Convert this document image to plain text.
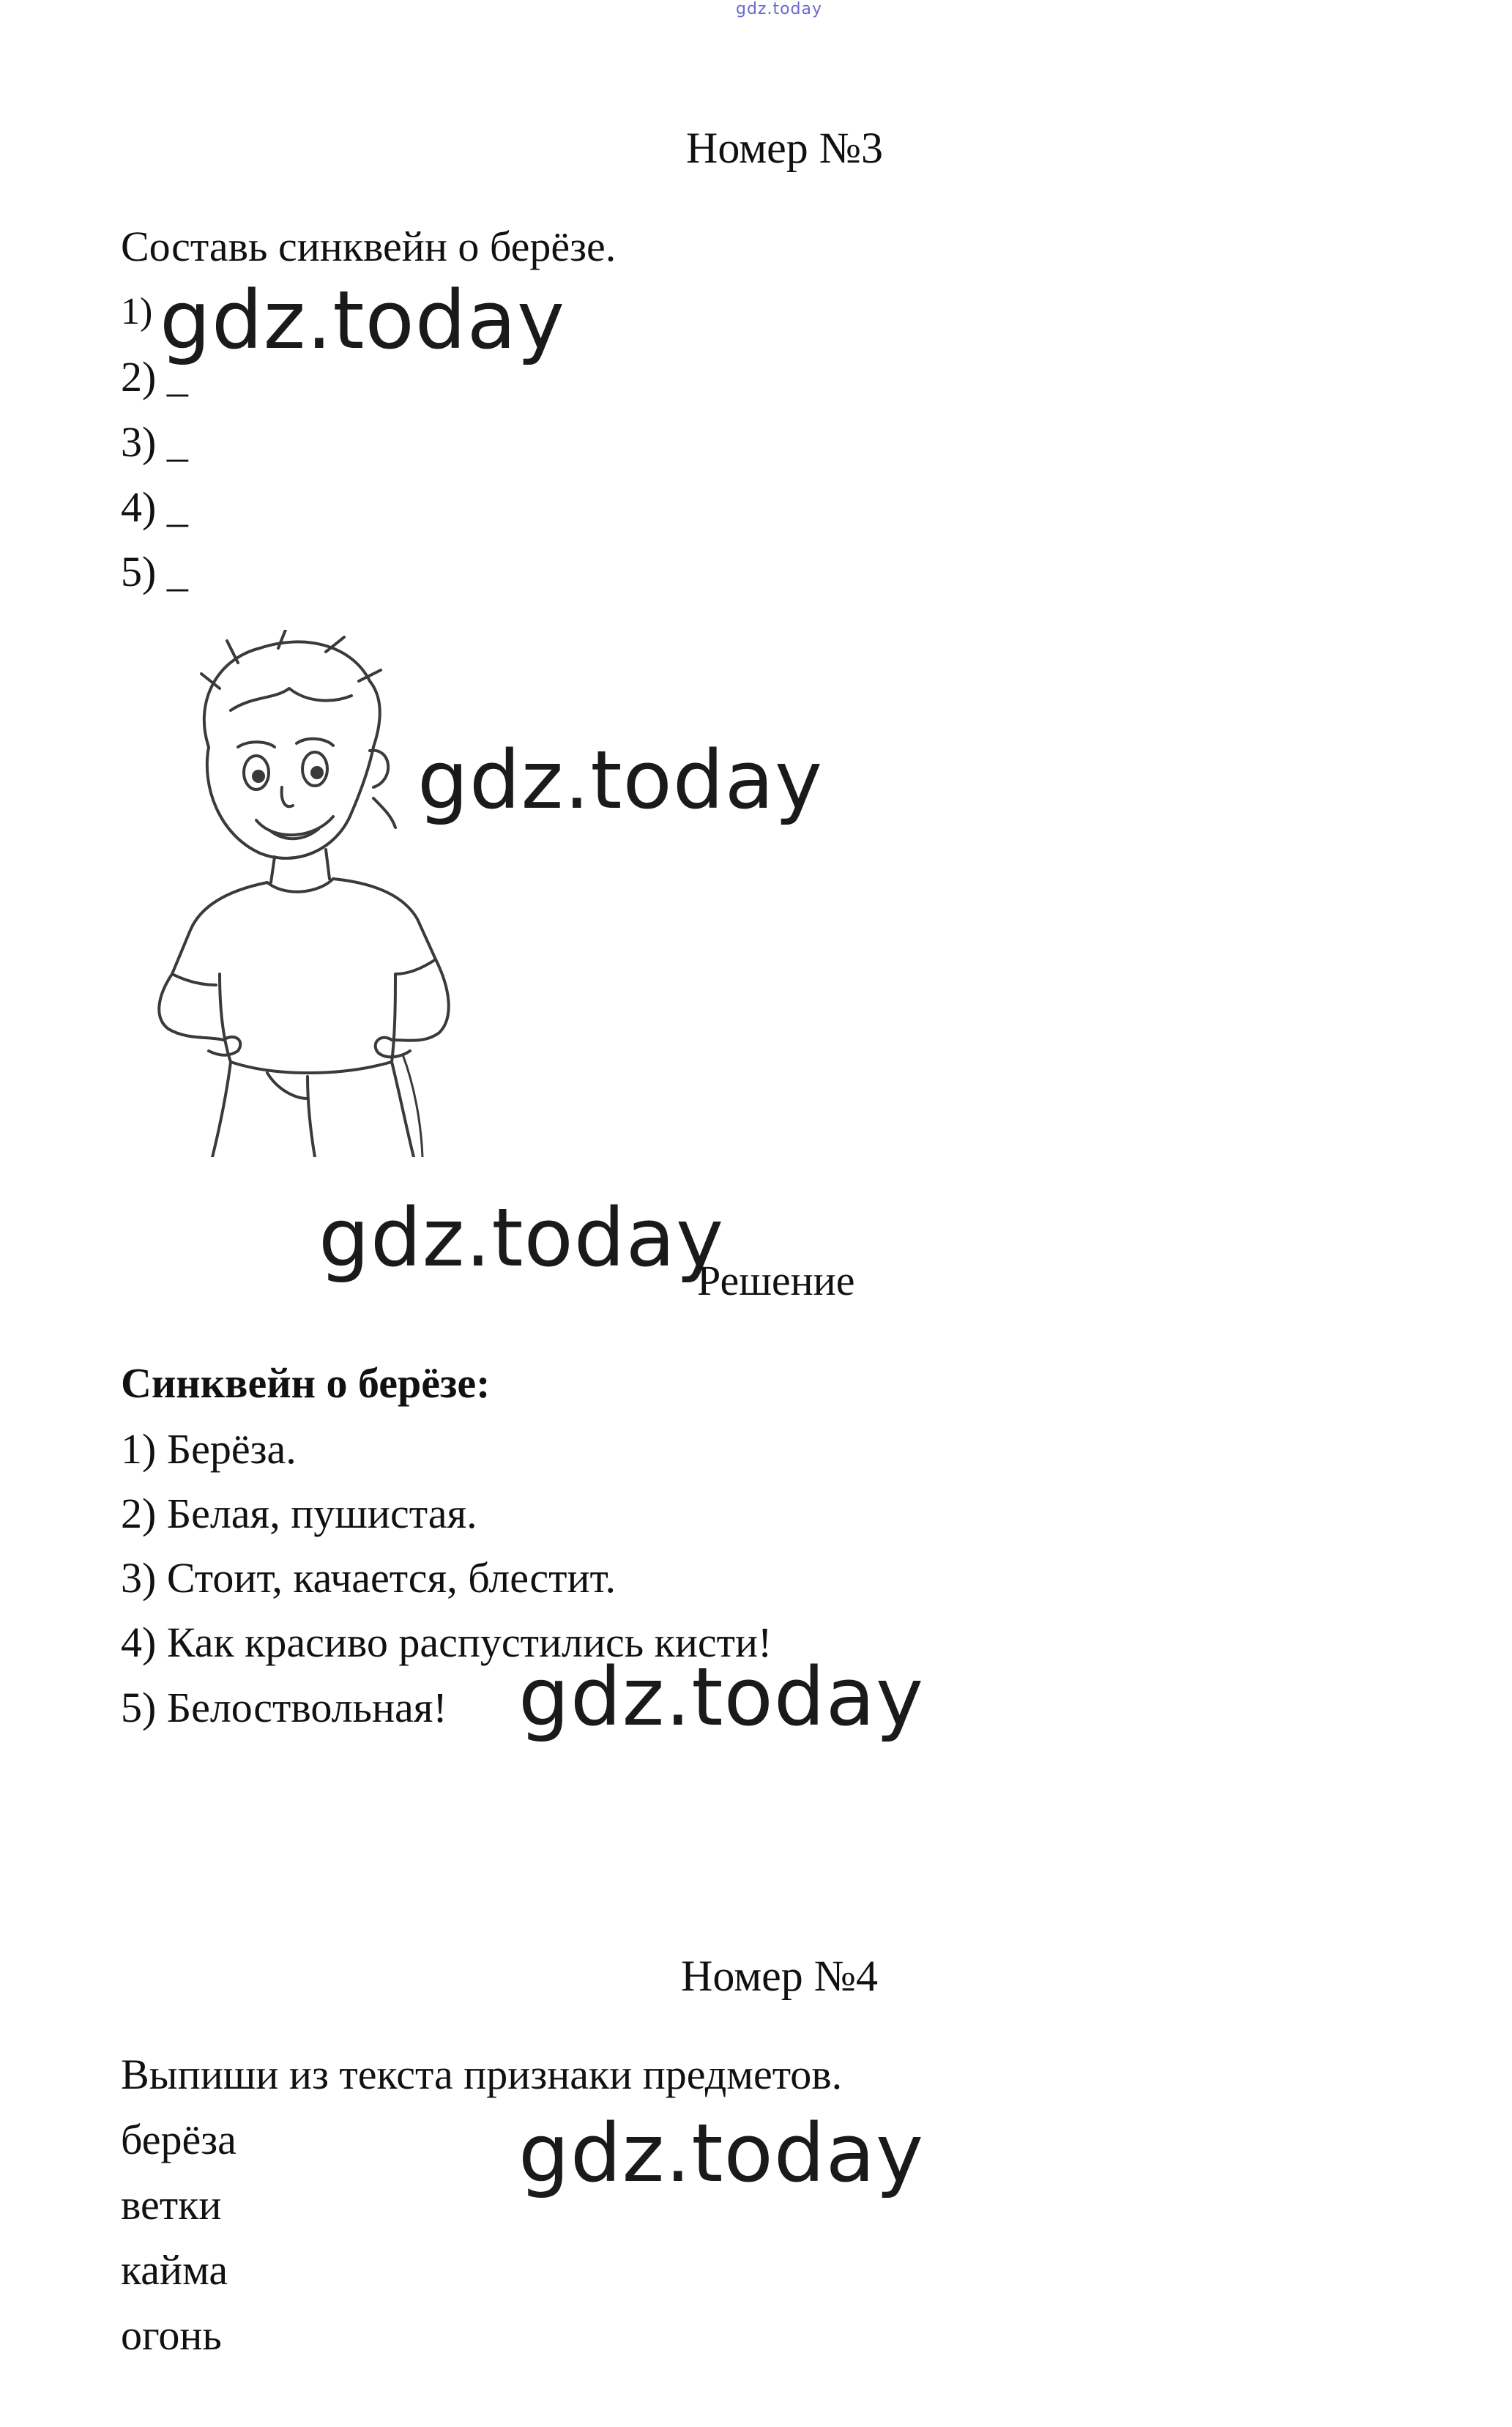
gdz.today
Номер №3
Составь синквейн о берёзе.
1) gdz.today
2) _
3) _
4) _
5) _
gdz.today
gdz.today
Решение
Синквейн о берёзе:
1) Берёза.
2) Белая, пушистая.
3) Стоит, качается, блестит.
4) Как красиво распустились кисти!
5) Белоствольная! gdz.today
Номер №4
Выпиши из текста признаки предметов.
берёза	gdz.today
ветки
кайма
огонь
